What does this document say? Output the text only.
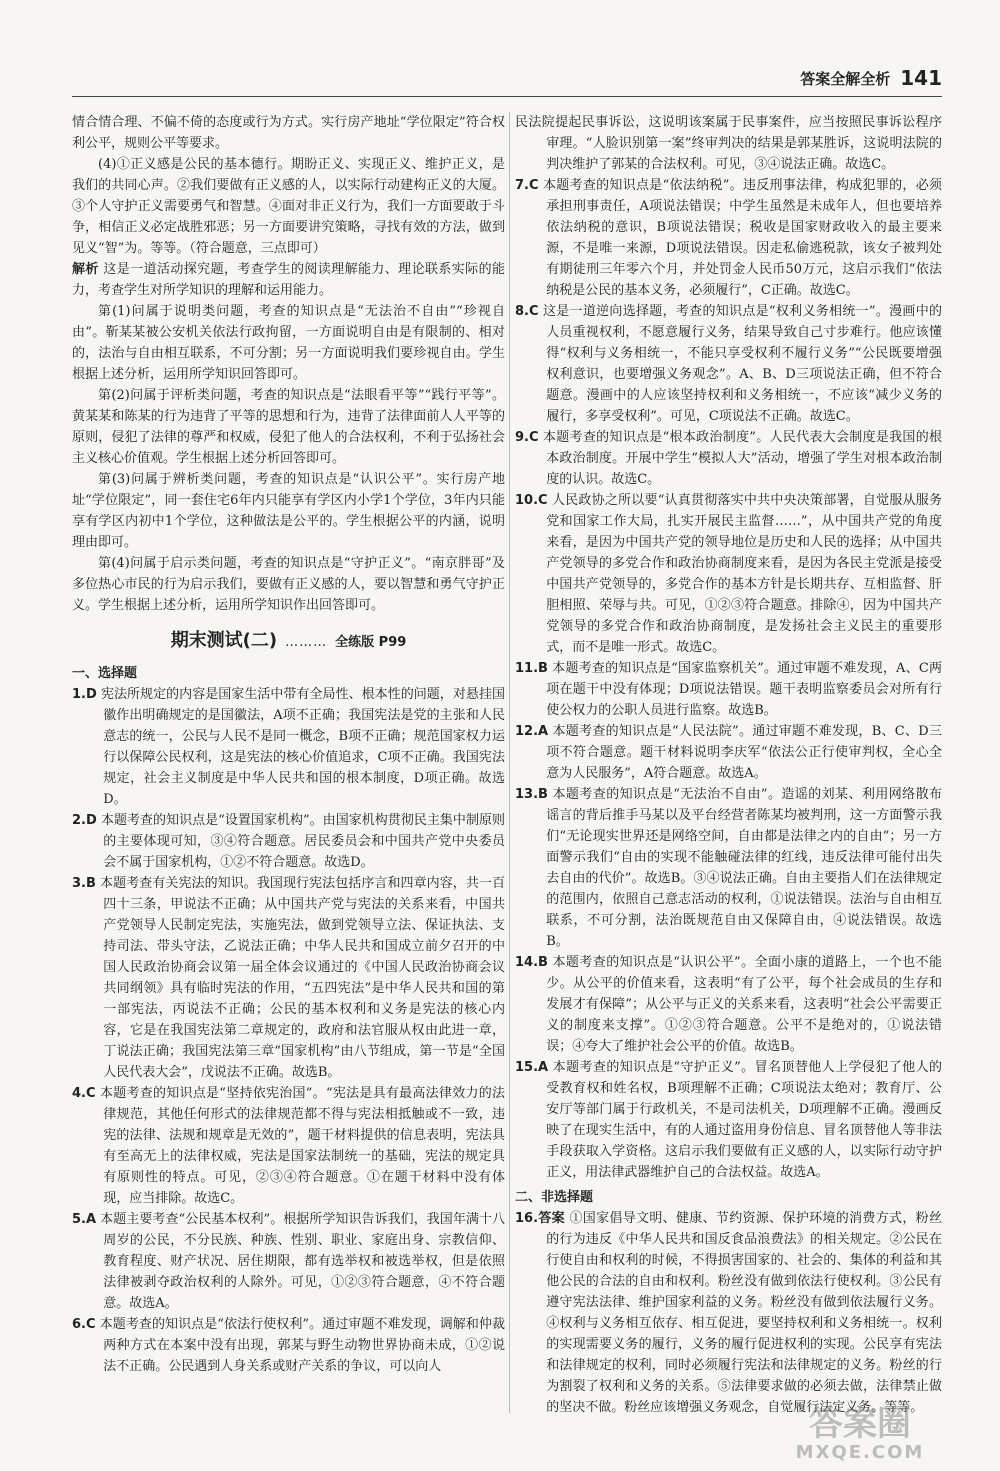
答案全解全析 141

情合情合理、不偏不倚的态度或行为方式。实行房产地址“学位限定”符合权利公平，规则公平等要求。

(4)①正义感是公民的基本德行。期盼正义、实现正义、维护正义，是我们的共同心声。②我们要做有正义感的人，以实际行动建构正义的大厦。③个人守护正义需要勇气和智慧。④面对非正义行为，我们一方面要敢于斗争，相信正义必定战胜邪恶；另一方面要讲究策略，寻找有效的方法，做到见义“智”为。等等。（符合题意，三点即可）

解析 这是一道活动探究题，考查学生的阅读理解能力、理论联系实际的能力，考查学生对所学知识的理解和运用能力。

第(1)问属于说明类问题，考查的知识点是“无法治不自由”“珍视自由”。靳某某被公安机关依法行政拘留，一方面说明自由是有限制的、相对的，法治与自由相互联系，不可分割；另一方面说明我们要珍视自由。学生根据上述分析，运用所学知识回答即可。

第(2)问属于评析类问题，考查的知识点是“法眼看平等”“践行平等”。黄某某和陈某的行为违背了平等的思想和行为，违背了法律面前人人平等的原则，侵犯了法律的尊严和权威，侵犯了他人的合法权利，不利于弘扬社会主义核心价值观。学生根据上述分析回答即可。

第(3)问属于辨析类问题，考查的知识点是“认识公平”。实行房产地址“学位限定”，同一套住宅6年内只能享有学区内小学1个学位，3年内只能享有学区内初中1个学位，这种做法是公平的。学生根据公平的内涵，说明理由即可。

第(4)问属于启示类问题，考查的知识点是“守护正义”。“南京胖哥”及多位热心市民的行为启示我们，要做有正义感的人，要以智慧和勇气守护正义。学生根据上述分析，运用所学知识作出回答即可。

期末测试(二) ……… 全练版 P99
一、选择题

1.D 宪法所规定的内容是国家生活中带有全局性、根本性的问题，对悬挂国徽作出明确规定的是国徽法，A项不正确；我国宪法是党的主张和人民意志的统一，公民与人民不是同一概念，B项不正确；规范国家权力运行以保障公民权利，这是宪法的核心价值追求，C项不正确。我国宪法规定，社会主义制度是中华人民共和国的根本制度，D项正确。故选D。

2.D 本题考查的知识点是“设置国家机构”。由国家机构贯彻民主集中制原则的主要体现可知，③④符合题意。居民委员会和中国共产党中央委员会不属于国家机构，①②不符合题意。故选D。

3.B 本题考查有关宪法的知识。我国现行宪法包括序言和四章内容，共一百四十三条，甲说法不正确；从中国共产党与宪法的关系来看，中国共产党领导人民制定宪法，实施宪法，做到党领导立法、保证执法、支持司法、带头守法，乙说法正确；中华人民共和国成立前夕召开的中国人民政治协商会议第一届全体会议通过的《中国人民政治协商会议共同纲领》具有临时宪法的作用，“五四宪法”是中华人民共和国的第一部宪法，丙说法不正确；公民的基本权利和义务是宪法的核心内容，它是在我国宪法第二章规定的，政府和法官服从权由此进一章，丁说法正确；我国宪法第三章“国家机构”由八节组成，第一节是“全国人民代表大会”，戊说法不正确。故选B。

4.C 本题考查的知识点是“坚持依宪治国”。“宪法是具有最高法律效力的法律规范，其他任何形式的法律规范都不得与宪法相抵触或不一致，违宪的法律、法规和规章是无效的”，题干材料提供的信息表明，宪法具有至高无上的法律权威，宪法是国家法制统一的基础，宪法的规定具有原则性的特点。可见，②③④符合题意。①在题干材料中没有体现，应当排除。故选C。

5.A 本题主要考查“公民基本权利”。根据所学知识告诉我们，我国年满十八周岁的公民，不分民族、种族、性别、职业、家庭出身、宗教信仰、教育程度、财产状况、居住期限，都有选举权和被选举权，但是依照法律被剥夺政治权利的人除外。可见，①②③符合题意，④不符合题意。故选A。

6.C 本题考查的知识点是“依法行使权利”。通过审题不难发现，调解和仲裁两种方式在本案中没有出现，郭某与野生动物世界协商未成，①②说法不正确。公民遇到人身关系或财产关系的争议，可以向人

民法院提起民事诉讼，这说明该案属于民事案件，应当按照民事诉讼程序审理。“人脸识别第一案”终审判决的结果是郭某胜诉，这说明法院的判决维护了郭某的合法权利。可见，③④说法正确。故选C。

7.C 本题考查的知识点是“依法纳税”。违反刑事法律，构成犯罪的，必须承担刑事责任，A项说法错误；中学生虽然是未成年人，但也要培养依法纳税的意识，B项说法错误；税收是国家财政收入的最主要来源，不是唯一来源，D项说法错误。因走私偷逃税款，该女子被判处有期徒刑三年零六个月，并处罚金人民币50万元，这启示我们“依法纳税是公民的基本义务，必须履行”，C正确。故选C。

8.C 这是一道逆向选择题，考查的知识点是“权利义务相统一”。漫画中的人员重视权利，不愿意履行义务，结果导致自己寸步难行。他应该懂得“权利与义务相统一，不能只享受权利不履行义务”“公民既要增强权利意识，也要增强义务观念”。A、B、D三项说法正确，但不符合题意。漫画中的人应该坚持权利和义务相统一，不应该“减少义务的履行，多享受权利”。可见，C项说法不正确。故选C。

9.C 本题考查的知识点是“根本政治制度”。人民代表大会制度是我国的根本政治制度。开展中学生“模拟人大”活动，增强了学生对根本政治制度的认识。故选C。

10.C 人民政协之所以要“认真贯彻落实中共中央决策部署，自觉服从服务党和国家工作大局，扎实开展民主监督……”，从中国共产党的角度来看，是因为中国共产党的领导地位是历史和人民的选择；从中国共产党领导的多党合作和政治协商制度来看，是因为各民主党派是接受中国共产党领导的，多党合作的基本方针是长期共存、互相监督、肝胆相照、荣辱与共。可见，①②③符合题意。排除④，因为中国共产党领导的多党合作和政治协商制度，是发扬社会主义民主的重要形式，而不是唯一形式。故选C。

11.B 本题考查的知识点是“国家监察机关”。通过审题不难发现，A、C两项在题干中没有体现；D项说法错误。题干表明监察委员会对所有行使公权力的公职人员进行监察。故选B。

12.A 本题考查的知识点是“人民法院”。通过审题不难发现，B、C、D三项不符合题意。题干材料说明李庆军“依法公正行使审判权，全心全意为人民服务”，A符合题意。故选A。

13.B 本题考查的知识点是“无法治不自由”。造谣的刘某、利用网络散布谣言的背后推手马某以及平台经营者陈某均被判刑，这一方面警示我们“无论现实世界还是网络空间，自由都是法律之内的自由”；另一方面警示我们“自由的实现不能触碰法律的红线，违反法律可能付出失去自由的代价”。故选B。③④说法正确。自由主要指人们在法律规定的范围内，依照自己意志活动的权利，①说法错误。法治与自由相互联系，不可分割，法治既规范自由又保障自由，④说法错误。故选B。

14.B 本题考查的知识点是“认识公平”。全面小康的道路上，一个也不能少。从公平的价值来看，这表明“有了公平，每个社会成员的生存和发展才有保障”；从公平与正义的关系来看，这表明“社会公平需要正义的制度来支撑”。①②③符合题意。公平不是绝对的，①说法错误；④夸大了维护社会公平的价值。故选B。

15.A 本题考查的知识点是“守护正义”。冒名顶替他人上学侵犯了他人的受教育权和姓名权，B项理解不正确；C项说法太绝对；教育厅、公安厅等部门属于行政机关，不是司法机关，D项理解不正确。漫画反映了在现实生活中，有的人通过盗用身份信息、冒名顶替他人等非法手段获取入学资格。这启示我们要做有正义感的人，以实际行动守护正义，用法律武器维护自己的合法权益。故选A。

二、非选择题

16.答案 ①国家倡导文明、健康、节约资源、保护环境的消费方式，粉丝的行为违反《中华人民共和国反食品浪费法》的相关规定。②公民在行使自由和权利的时候，不得损害国家的、社会的、集体的利益和其他公民的合法的自由和权利。粉丝没有做到依法行使权利。③公民有遵守宪法法律、维护国家利益的义务。粉丝没有做到依法履行义务。④权利与义务相互依存、相互促进，要坚持权利和义务相统一。权利的实现需要义务的履行，义务的履行促进权利的实现。公民享有宪法和法律规定的权利，同时必须履行宪法和法律规定的义务。粉丝的行为割裂了权利和义务的关系。⑤法律要求做的必须去做，法律禁止做的坚决不做。粉丝应该增强义务观念，自觉履行法定义务。等等。

答案圈
MXQE.COM
